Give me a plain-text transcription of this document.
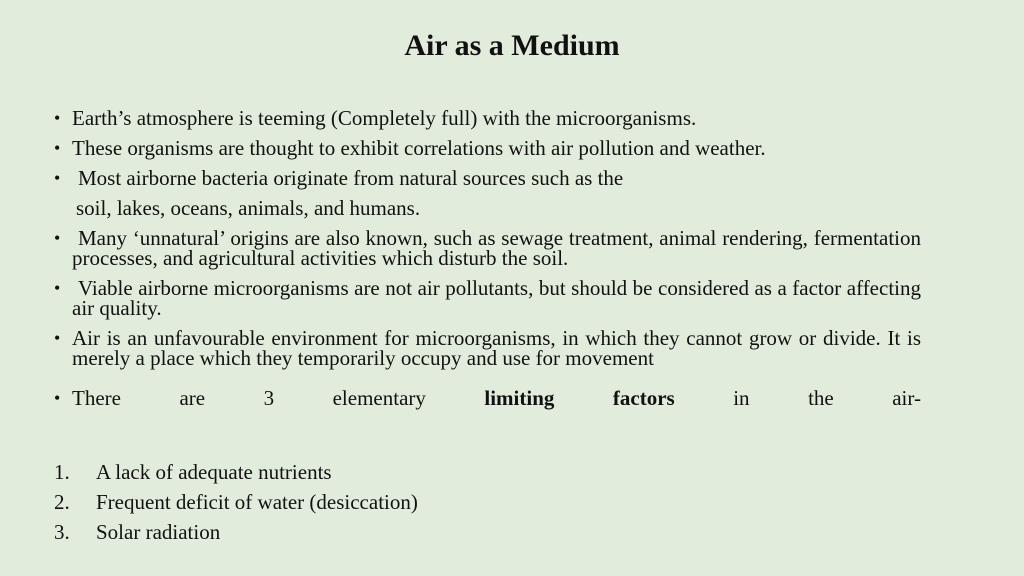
Air as a Medium
• Earth’s atmosphere is teeming (Completely full) with the microorganisms.
• These organisms are thought to exhibit correlations with air pollution and weather.
• Most airborne bacteria originate from natural sources such as the
soil, lakes, oceans, animals, and humans.
• Many ‘unnatural’ origins are also known, such as sewage treatment, animal rendering, fermentation processes, and agricultural activities which disturb the soil.
• Viable airborne microorganisms are not air pollutants, but should be considered as a factor affecting air quality.
• Air is an unfavourable environment for microorganisms, in which they cannot grow or divide. It is merely a place which they temporarily occupy and use for movement
• There	are	3	elementary	limiting	factors	in	the	air-
1.	A lack of adequate nutrients
2.	Frequent deficit of water (desiccation)
3.	Solar radiation
